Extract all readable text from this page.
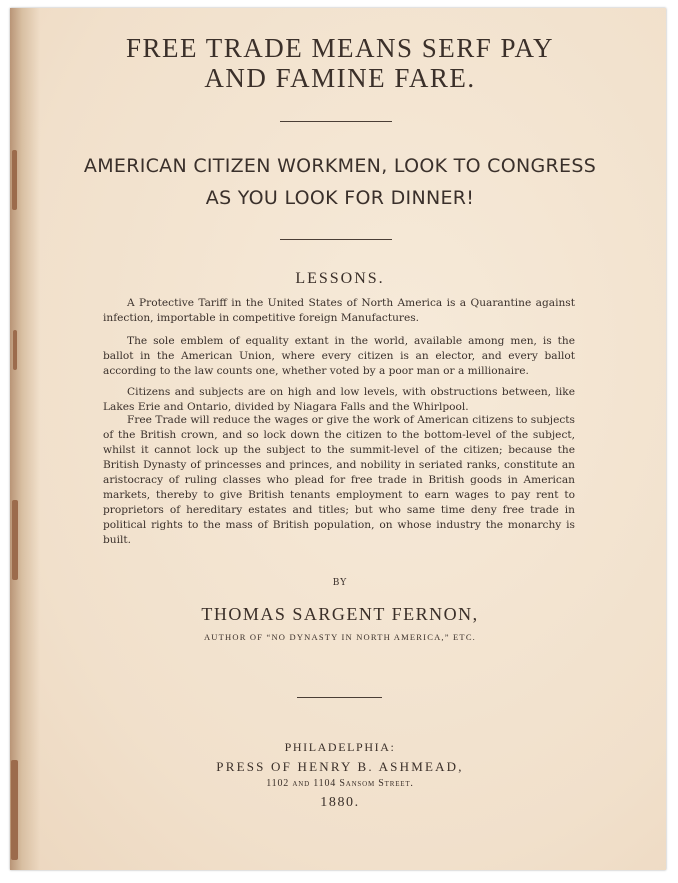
FREE TRADE MEANS SERF PAY
AND FAMINE FARE.
AMERICAN CITIZEN WORKMEN, LOOK TO CONGRESS
AS YOU LOOK FOR DINNER!
LESSONS.

A Protective Tariff in the United States of North America is a Quarantine against infection, importable in competitive foreign Manufactures.

The sole emblem of equality extant in the world, available among men, is the ballot in the American Union, where every citizen is an elector, and every ballot according to the law counts one, whether voted by a poor man or a millionaire.

Citizens and subjects are on high and low levels, with obstructions between, like Lakes Erie and Ontario, divided by Niagara Falls and the Whirlpool.

Free Trade will reduce the wages or give the work of American citizens to subjects of the British crown, and so lock down the citizen to the bottom-level of the subject, whilst it cannot lock up the subject to the summit-level of the citizen; because the British Dynasty of princesses and princes, and nobility in seriated ranks, constitute an aristocracy of ruling classes who plead for free trade in British goods in American markets, thereby to give British tenants employment to earn wages to pay rent to proprietors of hereditary estates and titles; but who same time deny free trade in political rights to the mass of British population, on whose industry the monarchy is built.

BY
THOMAS SARGENT FERNON,
AUTHOR OF “NO DYNASTY IN NORTH AMERICA,” ETC.
PHILADELPHIA:
PRESS OF HENRY B. ASHMEAD,
1102 and 1104 Sansom Street.
1880.
